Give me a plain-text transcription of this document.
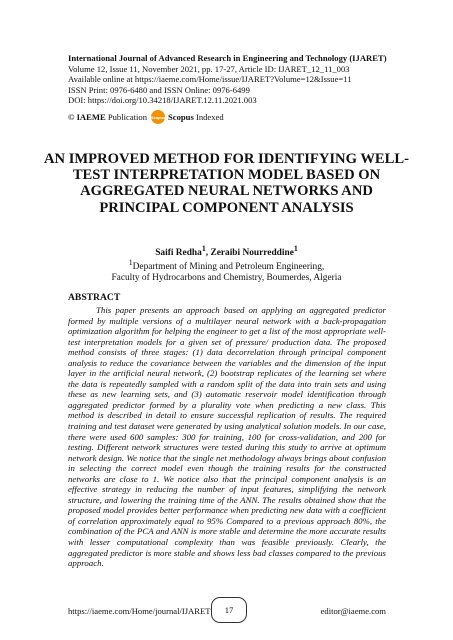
International Journal of Advanced Research in Engineering and Technology (IJARET)
Volume 12, Issue 11, November 2021, pp. 17-27, Article ID: IJARET_12_11_003
Available online at https://iaeme.com/Home/issue/IJARET?Volume=12&Issue=11
ISSN Print: 0976-6480 and ISSN Online: 0976-6499
DOI: https://doi.org/10.34218/IJARET.12.11.2021.003
© IAEME
Publication Scopus Scopus
Indexed
AN IMPROVED METHOD FOR IDENTIFYING WELL-TEST INTERPRETATION MODEL BASED ON AGGREGATED NEURAL NETWORKS AND PRINCIPAL COMPONENT ANALYSIS
Saifi Redha$^1$, Zeraibi Nourreddine$^1$
$^1$Department of Mining and Petroleum Engineering,
Faculty of Hydrocarbons and Chemistry, Boumerdes, Algeria
ABSTRACT

This paper presents an approach based on applying an aggregated predictor formed by multiple versions of a multilayer neural network with a back-propagation optimization algorithm for helping the engineer to get a list of the most appropriate well-test interpretation models for a given set of pressure/ production data. The proposed method consists of three stages: (1) data decorrelation through principal component analysis to reduce the covariance between the variables and the dimension of the input layer in the artificial neural network, (2) bootstrap replicates of the learning set where the data is repeatedly sampled with a random split of the data into train sets and using these as new learning sets, and (3) automatic reservoir model identification through aggregated predictor formed by a plurality vote when predicting a new class. This method is described in detail to ensure successful replication of results. The required training and test dataset were generated by using analytical solution models. In our case, there were used 600 samples: 300 for training, 100 for cross-validation, and 200 for testing. Different network structures were tested during this study to arrive at optimum network design. We notice that the single net methodology always brings about confusion in selecting the correct model even though the training results for the constructed networks are close to 1. We notice also that the principal component analysis is an effective strategy in reducing the number of input features, simplifying the network structure, and lowering the training time of the ANN. The results obtained show that the proposed model provides better performance when predicting new data with a coefficient of correlation approximately equal to 95% Compared to a previous approach 80%, the combination of the PCA and ANN is more stable and determine the more accurate results with lesser computational complexity than was feasible previously. Clearly, the aggregated predictor is more stable and shows less bad classes compared to the previous approach.

https://iaeme.com/Home/journal/IJARET 17	editor@iaeme.com
